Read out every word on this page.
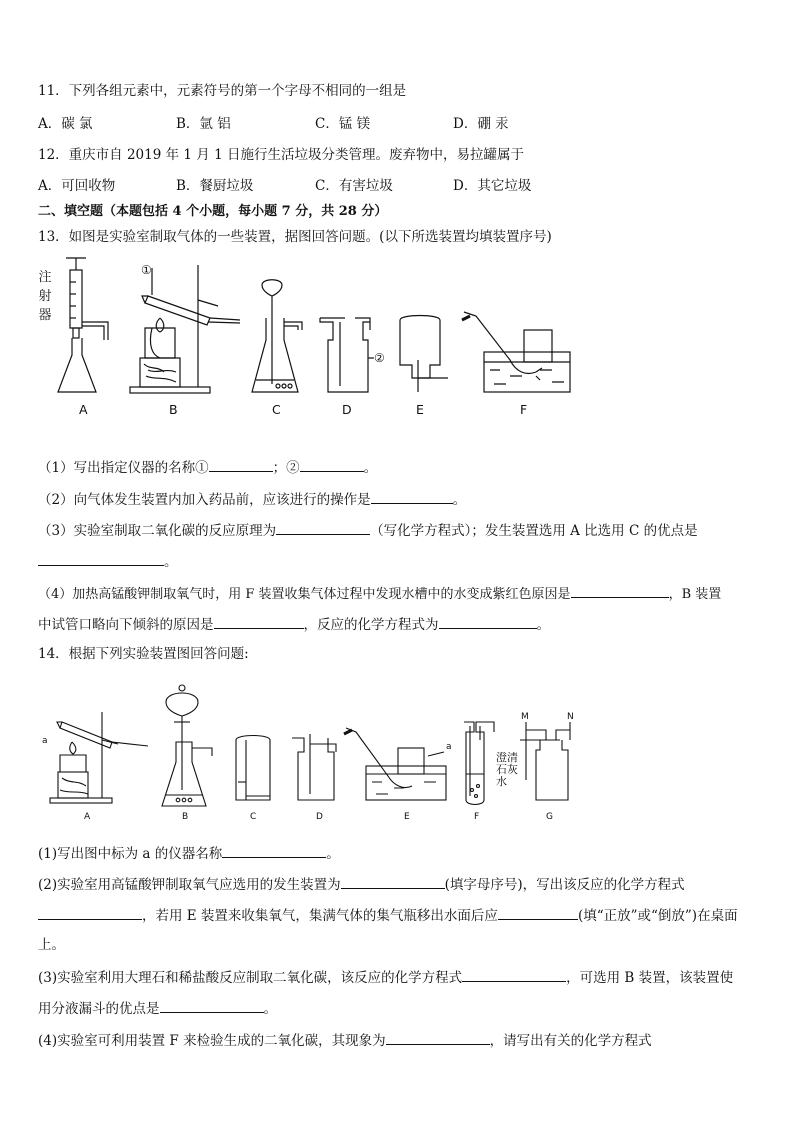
11．下列各组元素中，元素符号的第一个字母不相同的一组是
A．碳 氯	B．氩 铝	C．锰 镁	D．硼 汞
12．重庆市自 2019 年 1 月 1 日施行生活垃圾分类管理。废弃物中，易拉罐属于
A．可回收物	B．餐厨垃圾	C．有害垃圾	D．其它垃圾
二、填空题（本题包括 4 个小题，每小题 7 分，共 28 分）
13．如图是实验室制取气体的一些装置，据图回答问题。(以下所选装置均填装置序号)
注
射
器
①
②
A	B	C	D	E	F
（1）写出指定仪器的名称①	；②	。
（2）向气体发生装置内加入药品前，应该进行的操作是	。
（3）实验室制取二氧化碳的反应原理为	（写化学方程式）；发生装置选用 A 比选用 C 的优点是
。
（4）加热高锰酸钾制取氧气时，用 F 装置收集气体过程中发现水槽中的水变成紫红色原因是	，B 装置
中试管口略向下倾斜的原因是	，反应的化学方程式为	。
14．根据下列实验装置图回答问题:
a
a
M	N
澄清
石灰
水
A	B	C	D	E	F	G
(1)写出图中标为 a 的仪器名称	。
(2)实验室用高锰酸钾制取氧气应选用的发生装置为	(填字母序号)，写出该反应的化学方程式
，若用 E 装置来收集氧气，集满气体的集气瓶移出水面后应	(填“正放”或“倒放”)在桌面
上。
(3)实验室利用大理石和稀盐酸反应制取二氧化碳，该反应的化学方程式	，可选用 B 装置，该装置使
用分液漏斗的优点是	。
(4)实验室可利用装置 F 来检验生成的二氧化碳，其现象为	，请写出有关的化学方程式
